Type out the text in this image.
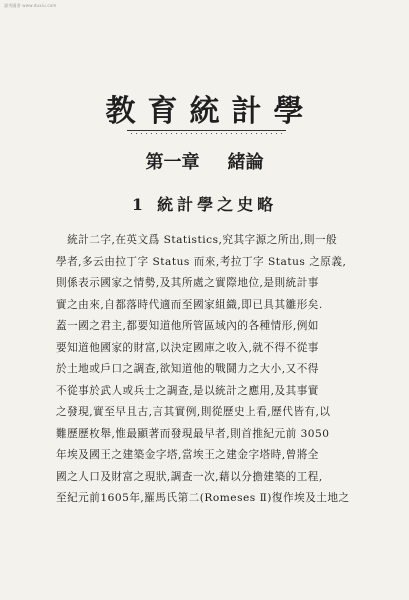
讀秀圖書 www.duxiu.com
教育統計學
第一章 緒論
1 統計學之史略
　統計二字,在英文爲 Statistics,究其字源之所出,則一般
學者,多云由拉丁字 Status 而來,考拉丁字 Status 之原義,
則係表示國家之情勢,及其所處之實際地位,是則統計事
實之由來,自都落時代適而至國家組織,即已具其雛形矣.
蓋一國之君主,都要知道他所管區域內的各種情形,例如
要知道他國家的財富,以決定國庫之收入,就不得不從事
於土地或戶口之調查,欲知道他的戰鬪力之大小,又不得
不從事於武人或兵士之調查,是以統計之應用,及其事實
之發現,實至早且古,言其實例,則從歷史上看,歷代皆有,以
難歷歷枚舉,惟最顯著而發現最早者,則首推紀元前 3050
年埃及國王之建築金字塔,當埃王之建金字塔時,曾將全
國之人口及財富之現狀,調查一次,藉以分擔建築的工程,
至紀元前1605年,羅馬氏第二(Romeses Ⅱ)復作埃及土地之
